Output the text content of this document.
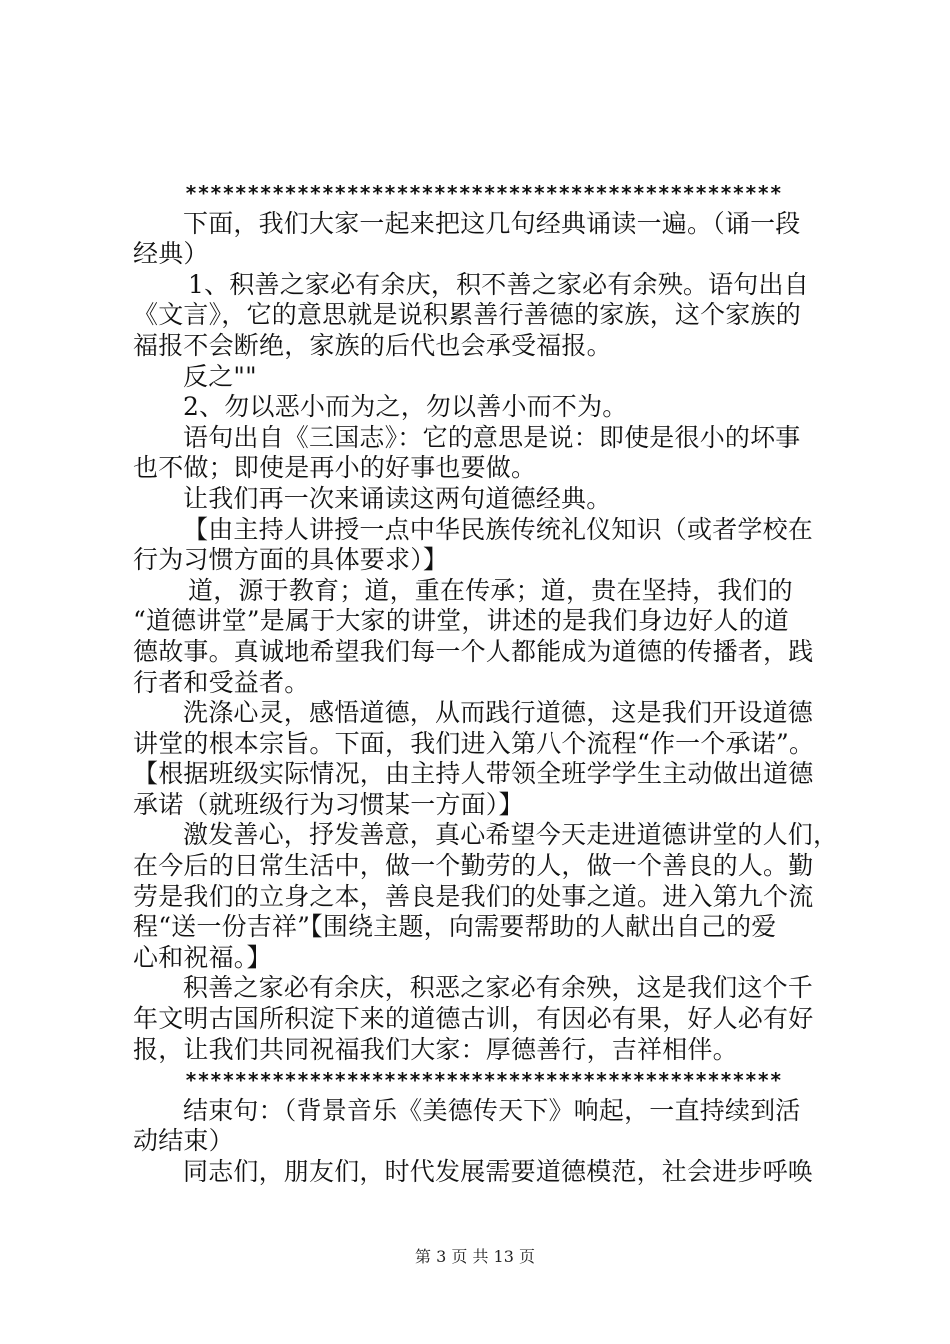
************************************************
下面，我们大家一起来把这几句经典诵读一遍。（诵一段
经典）
1、积善之家必有余庆，积不善之家必有余殃。语句出自
《文言》，它的意思就是说积累善行善德的家族，这个家族的
福报不会断绝，家族的后代也会承受福报。
反之""
2、勿以恶小而为之，勿以善小而不为。
语句出自《三国志》：它的意思是说：即使是很小的坏事
也不做；即使是再小的好事也要做。
让我们再一次来诵读这两句道德经典。
【由主持人讲授一点中华民族传统礼仪知识（或者学校在
行为习惯方面的具体要求）】
道，源于教育；道，重在传承；道，贵在坚持，我们的
“道德讲堂”是属于大家的讲堂，讲述的是我们身边好人的道
德故事。真诚地希望我们每一个人都能成为道德的传播者，践
行者和受益者。
洗涤心灵，感悟道德，从而践行道德，这是我们开设道德
讲堂的根本宗旨。下面，我们进入第八个流程“作一个承诺”。
【根据班级实际情况，由主持人带领全班学学生主动做出道德
承诺（就班级行为习惯某一方面）】
激发善心，抒发善意，真心希望今天走进道德讲堂的人们，
在今后的日常生活中，做一个勤劳的人，做一个善良的人。勤
劳是我们的立身之本，善良是我们的处事之道。进入第九个流
程“送一份吉祥”【围绕主题，向需要帮助的人献出自己的爱
心和祝福。】
积善之家必有余庆，积恶之家必有余殃，这是我们这个千
年文明古国所积淀下来的道德古训，有因必有果，好人必有好
报，让我们共同祝福我们大家：厚德善行，吉祥相伴。
************************************************
结束句：（背景音乐《美德传天下》响起，一直持续到活
动结束）
同志们，朋友们，时代发展需要道德模范，社会进步呼唤
第 3 页 共 13 页
